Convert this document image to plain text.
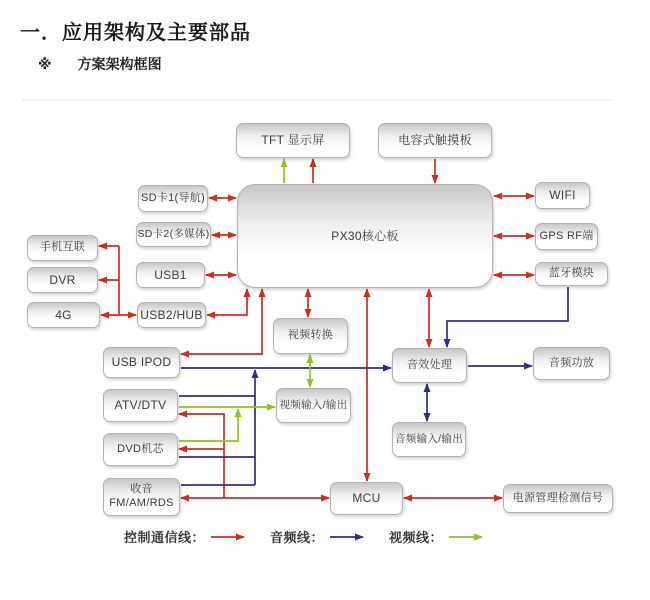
一．应用架构及主要部品
※ 方案架构框图
TFT 显示屏	电容式触摸板
SD卡1(导航)
SD卡2(多媒体)
USB1
USB2/HUB
手机互联
DVR
4G
PX30核心板
WIFI
GPS RF端
蓝牙模块
视频转换
视频输入/输出
USB IPOD
ATV/DTV
DVD机芯
收音
FM/AM/RDS
音效处理	音频功放
音频输入/输出
MCU	电源管理检测信号
控制通信线：	音频线：	视频线：
